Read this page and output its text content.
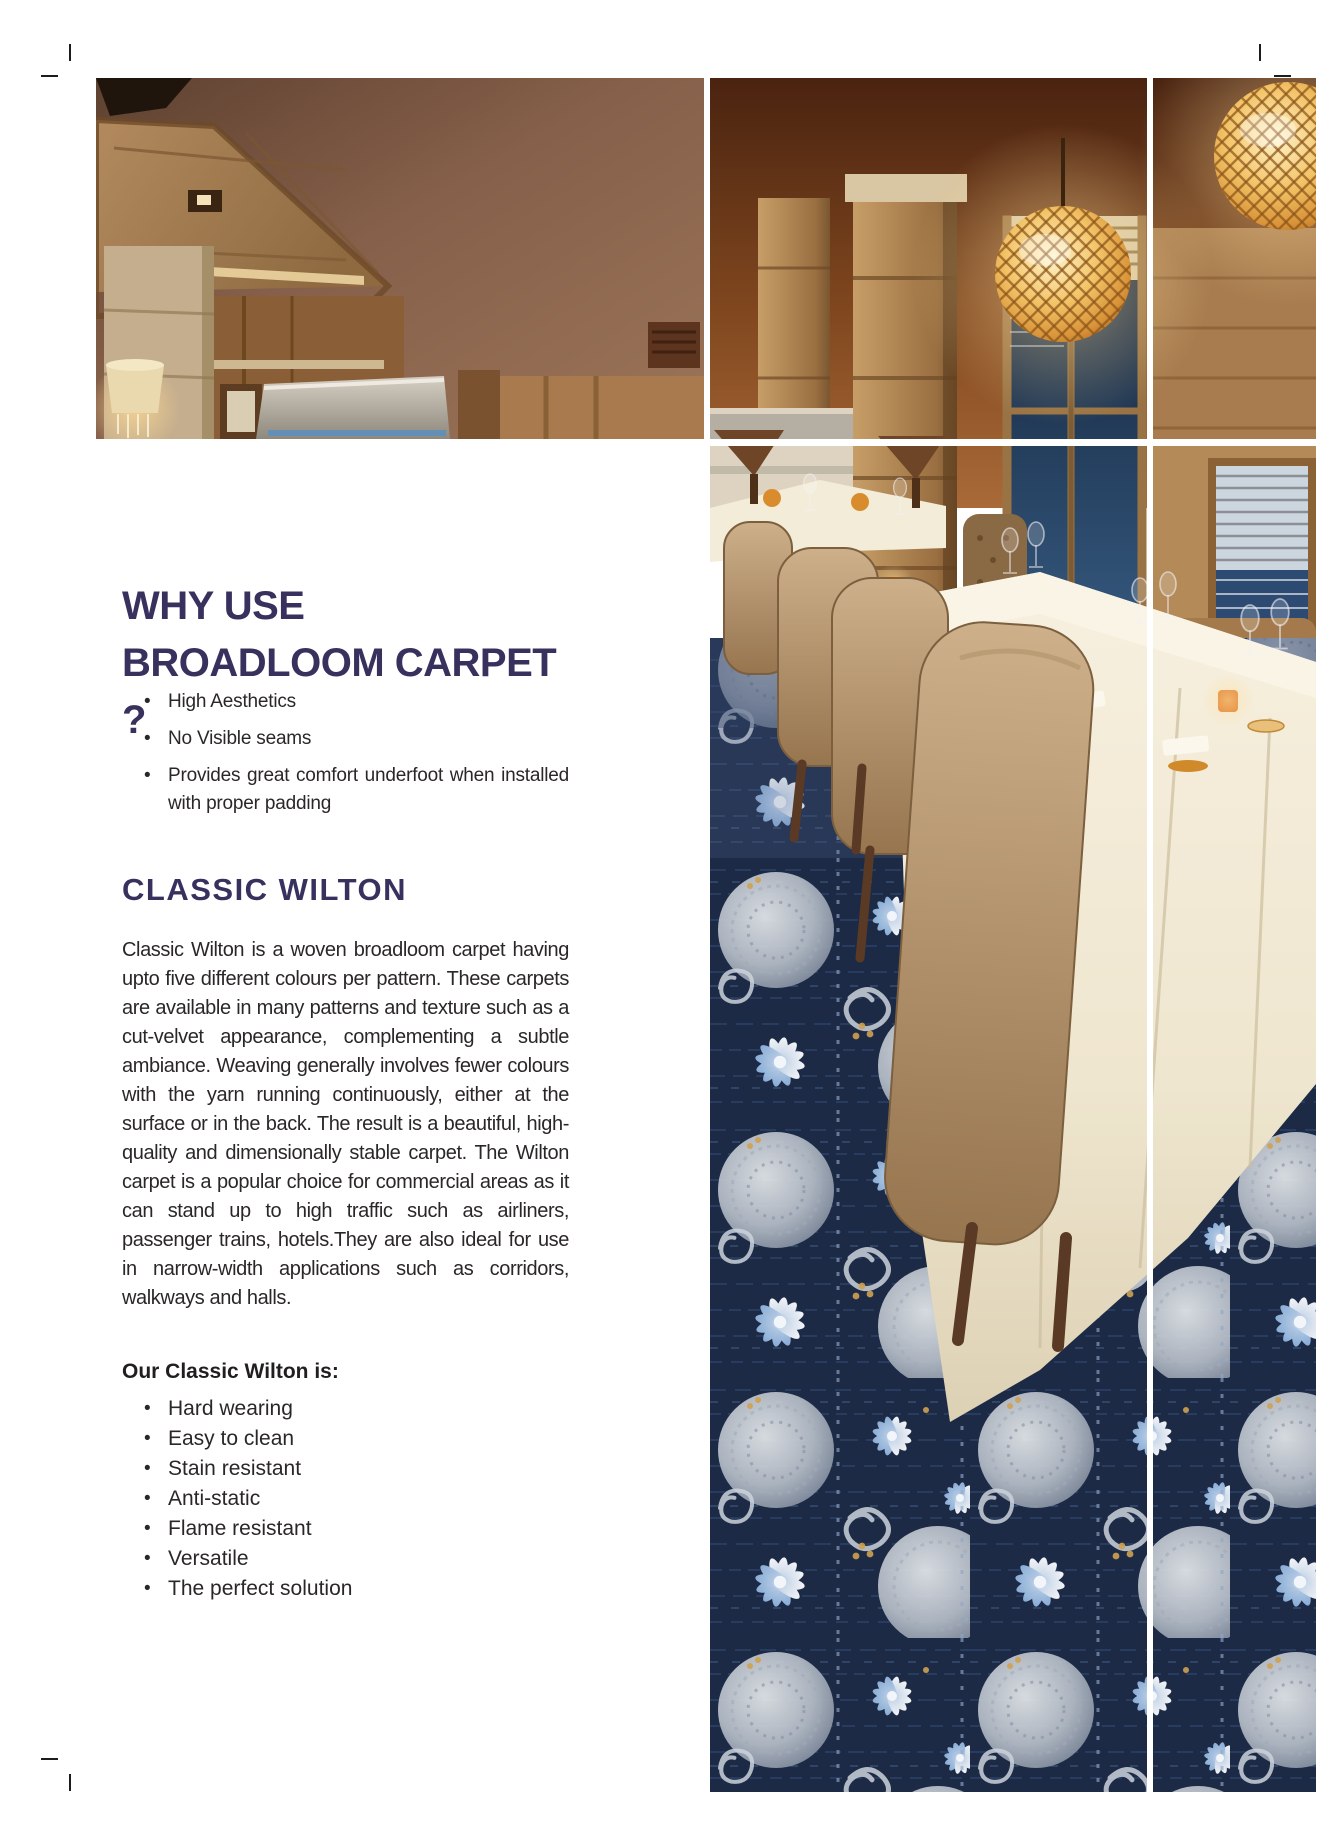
WHY USE
BROADLOOM CARPET ?
• High Aesthetics
• No Visible seams
• Provides great comfort underfoot when installed with proper padding
CLASSIC WILTON

Classic Wilton is a woven broadloom carpet having upto five different colours per pattern. These carpets are available in many patterns and texture such as a cut-velvet appearance, complementing a subtle ambiance. Weaving generally involves fewer colours with the yarn running continuously, either at the surface or in the back. The result is a beautiful, high-quality and dimensionally stable carpet. The Wilton carpet is a popular choice for commercial areas as it can stand up to high traffic such as airliners, passenger trains, hotels.They are also ideal for use in narrow-width applications such as corridors, walkways and halls.

Our Classic Wilton is:
• Hard wearing
• Easy to clean
• Stain resistant
• Anti-static
• Flame resistant
• Versatile
• The perfect solution
